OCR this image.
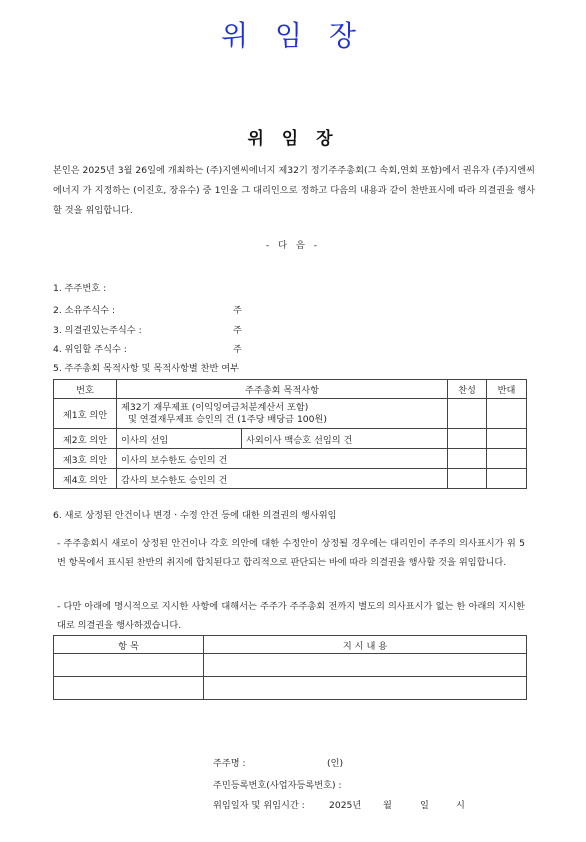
위 임 장
위 임 장
본인은 2025년 3월 26일에 개최하는 (주)지엔씨에너지 제32기 정기주주총회(그 속회,연회 포함)에서 권유자 (주)지엔씨에너지 가 지정하는 (이진호, 장유수) 중 1인을 그 대리인으로 정하고 다음의 내용과 같이 찬반표시에 따라 의결권을 행사할 것을 위임합니다.
- 다 음 -
1. 주주번호 :
2. 소유주식수 :	주
3. 의결권있는주식수 :	주
4. 위임할 주식수 :	주
5. 주주총회 목적사항 및 목적사항별 찬반 여부
번호	주주총회 목적사항		찬성	반대
제1호 의안	제32기 재무제표 (이익잉여금처분계산서 포함)
및 연결재무제표 승인의 건 (1주당 배당금 100원)			

제2호 의안	이사의 선임	사외이사 백승호 선임의 건		
제3호 의안	이사의 보수한도 승인의 건			
제4호 의안	감사의 보수한도 승인의 건			
6. 새로 상정된 안건이나 변경ㆍ수정 안건 등에 대한 의결권의 행사위임
- 주주총회시 새로이 상정된 안건이나 각호 의안에 대한 수정안이 상정될 경우에는 대리인이 주주의 의사표시가 위 5번 항목에서 표시된 찬반의 취지에 합치된다고 합리적으로 판단되는 바에 따라 의결권을 행사할 것을 위임합니다.
- 다만 아래에 명시적으로 지시한 사항에 대해서는 주주가 주주총회 전까지 별도의 의사표시가 없는 한 아래의 지시한 대로 의결권을 행사하겠습니다.
항 목	지 시 내 용

주주명 :	(인)
주민등록번호(사업자등록번호) :
위임일자 및 위임시간 :	2025년 월	일	시
